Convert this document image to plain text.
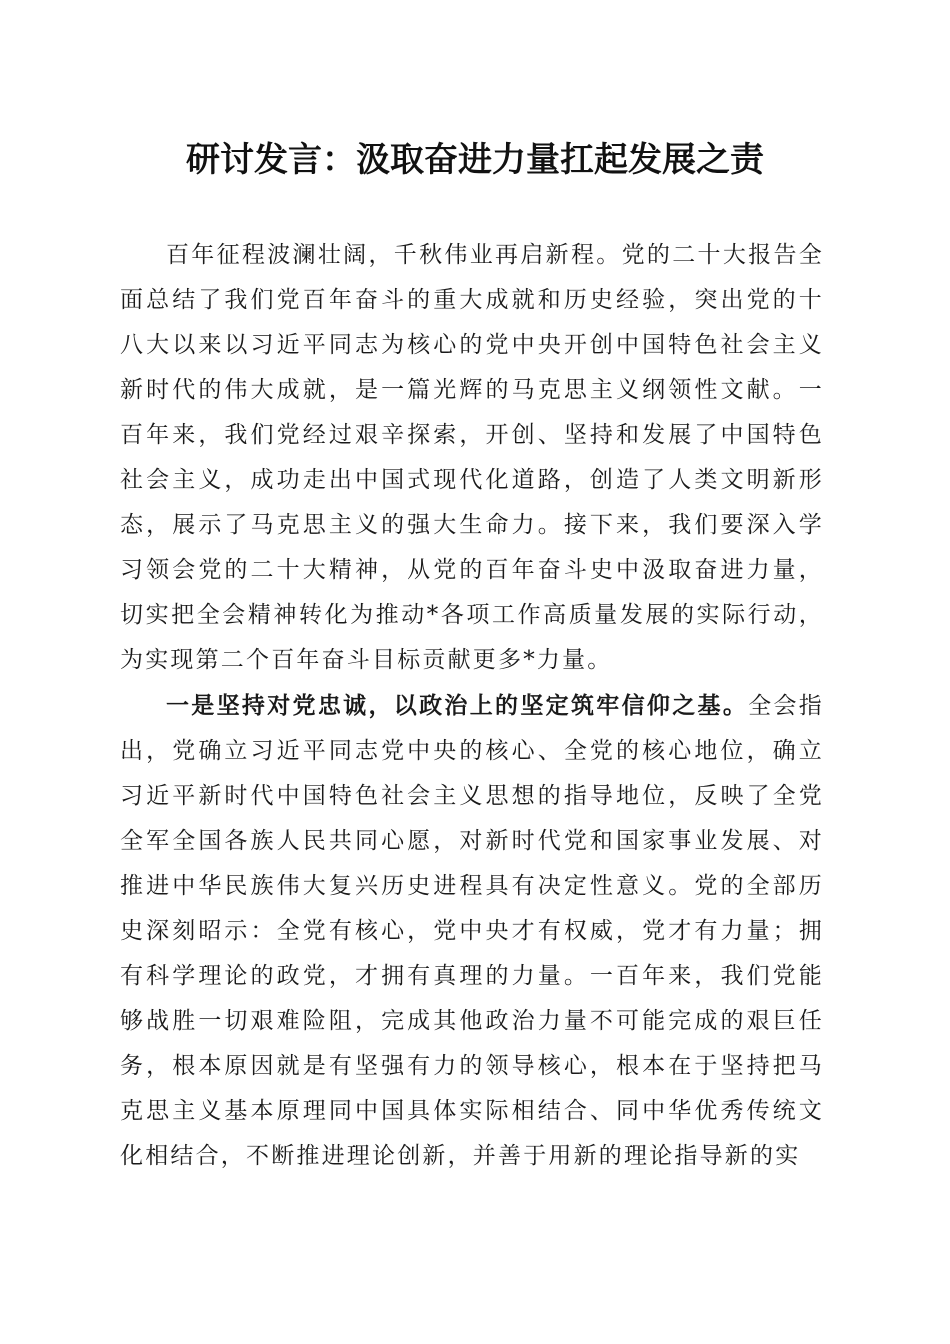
研讨发言：汲取奋进力量扛起发展之责

百年征程波澜壮阔，千秋伟业再启新程。党的二十大报告全面总结了我们党百年奋斗的重大成就和历史经验，突出党的十八大以来以习近平同志为核心的党中央开创中国特色社会主义新时代的伟大成就，是一篇光辉的马克思主义纲领性文献。一百年来，我们党经过艰辛探索，开创、坚持和发展了中国特色社会主义，成功走出中国式现代化道路，创造了人类文明新形态，展示了马克思主义的强大生命力。接下来，我们要深入学习领会党的二十大精神，从党的百年奋斗史中汲取奋进力量，切实把全会精神转化为推动*各项工作高质量发展的实际行动，为实现第二个百年奋斗目标贡献更多*力量。

一是坚持对党忠诚，以政治上的坚定筑牢信仰之基。全会指出，党确立习近平同志党中央的核心、全党的核心地位，确立习近平新时代中国特色社会主义思想的指导地位，反映了全党全军全国各族人民共同心愿，对新时代党和国家事业发展、对推进中华民族伟大复兴历史进程具有决定性意义。党的全部历史深刻昭示：全党有核心，党中央才有权威，党才有力量；拥有科学理论的政党，才拥有真理的力量。一百年来，我们党能够战胜一切艰难险阻，完成其他政治力量不可能完成的艰巨任务，根本原因就是有坚强有力的领导核心，根本在于坚持把马克思主义基本原理同中国具体实际相结合、同中华优秀传统文化相结合，不断推进理论创新，并善于用新的理论指导新的实
